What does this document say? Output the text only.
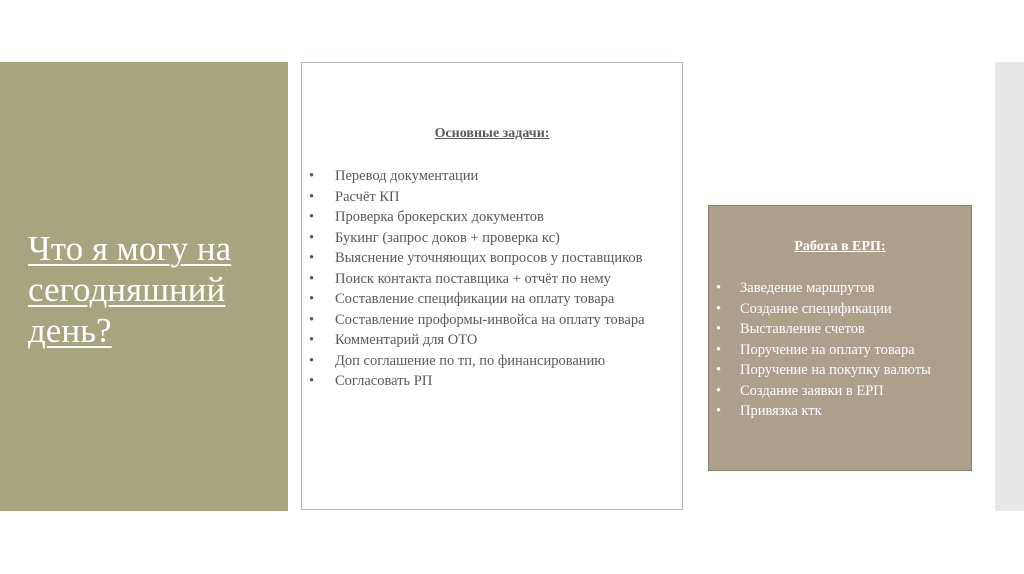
Что я могу на
сегодняшний
день?

Основные задачи:

• Перевод документации
• Расчёт КП
• Проверка брокерских документов
• Букинг (запрос доков + проверка кс)
• Выяснение уточняющих вопросов у поставщиков
• Поиск контакта поставщика + отчёт по нему
• Составление спецификации на оплату товара
• Составление проформы-инвойса на оплату товара
• Комментарий для ОТО
• Доп соглашение по тп, по финансированию
• Согласовать РП

Работа в ЕРП:

• Заведение маршрутов
• Создание спецификации
• Выставление счетов
• Поручение на оплату товара
• Поручение на покупку валюты
• Создание заявки в ЕРП
• Привязка ктк
